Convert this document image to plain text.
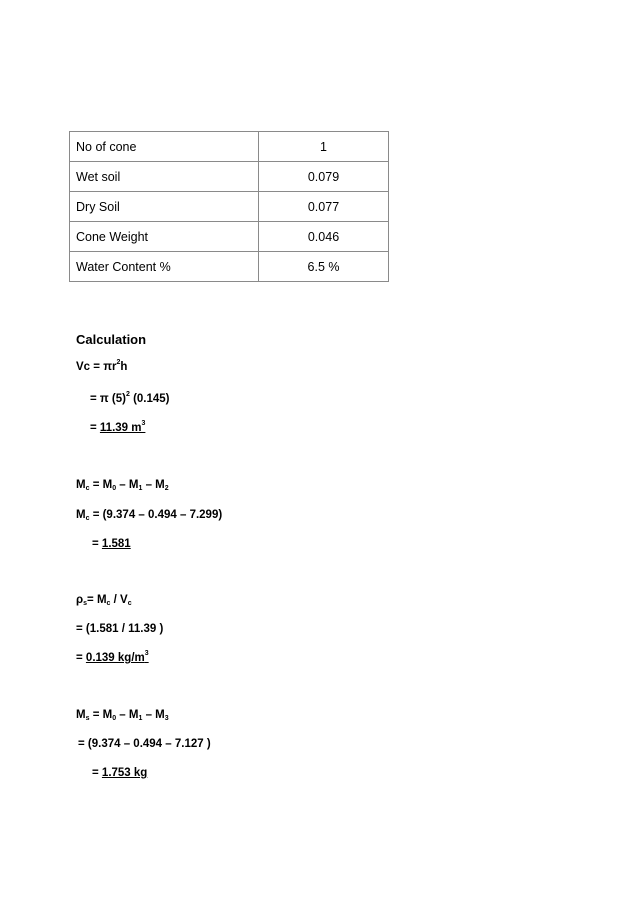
No of cone	1
Wet soil	0.079
Dry Soil	0.077
Cone Weight	0.046
Water Content %	6.5 %
Calculation
$Vc = \pi r^2h$
= π $(5)^2$ (0.145)
= 11.39 $m^3$
$M_c = M_0 - M_1 - M_2$
$M_c = (9.374 - 0.494 - 7.299)$
= 1.581
$\rho_s= M_c / V_c$
= (1.581 / 11.39 )
= 0.139 $kg/m^3$
$M_s = M_0 - M_1 - M_3$
= (9.374 – 0.494 – 7.127 )
= 1.753 kg
